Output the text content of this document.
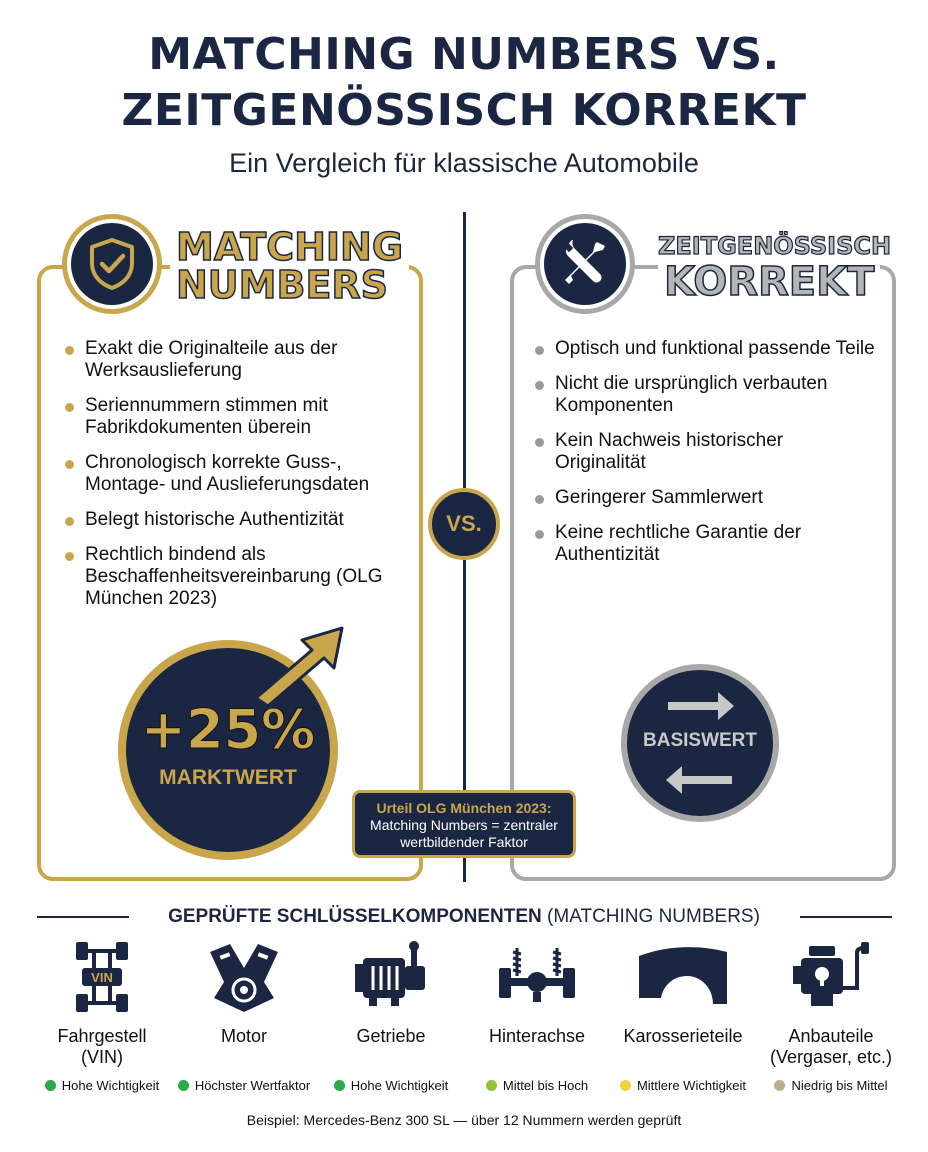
MATCHING NUMBERS VS.
ZEITGENÖSSISCH KORREKT
Ein Vergleich für klassische Automobile
MATCHING
NUMBERS
ZEITGENÖSSISCH
KORREKT
Exakt die Originalteile aus der Werksauslieferung
Seriennummern stimmen mit Fabrikdokumenten überein
Chronologisch korrekte Guss-, Montage- und Auslieferungsdaten
Belegt historische Authentizität
Rechtlich bindend als Beschaffenheitsvereinbarung (OLG München 2023)
Optisch und funktional passende Teile
Nicht die ursprünglich verbauten Komponenten
Kein Nachweis historischer Originalität
Geringerer Sammlerwert
Keine rechtliche Garantie der Authentizität
VS.
+25%
MARKTWERT
Urteil OLG München 2023:
Matching Numbers = zentraler
wertbildender Faktor
BASISWERT
GEPRÜFTE SCHLÜSSELKOMPONENTEN (MATCHING NUMBERS)
VIN
Fahrgestell
(VIN)
Hohe Wichtigkeit
Motor
Höchster Wertfaktor
Getriebe
Hohe Wichtigkeit
Hinterachse
Mittel bis Hoch
Karosserieteile
Mittlere Wichtigkeit
Anbauteile
(Vergaser, etc.)
Niedrig bis Mittel
Beispiel: Mercedes-Benz 300 SL — über 12 Nummern werden geprüft
